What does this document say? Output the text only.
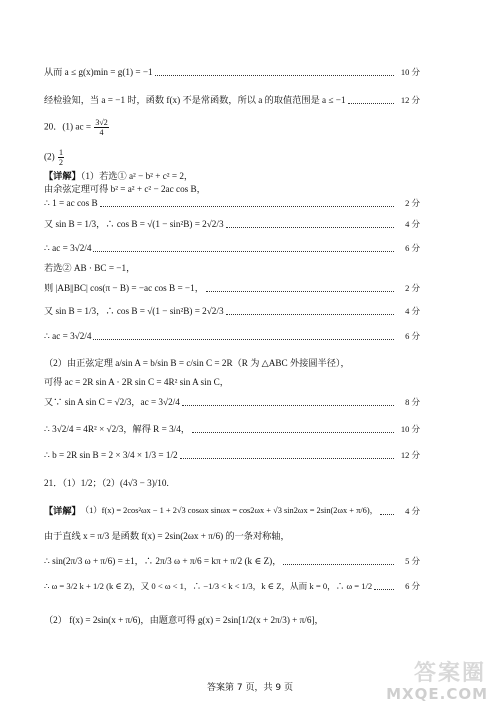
从而 a ≤ g(x)min = g(1) = −1	10 分
经检验知，当 a = −1 时，函数 f(x) 不是常函数，所以 a 的取值范围是 a ≤ −1	12 分
20．(1) ac = $\frac{3√2}{4}$
$(2) \frac{1}{2}$
【详解】（1）若选① a² − b² + c² = 2，
由余弦定理可得 b² = a² + c² − 2ac cos B，
∴ 1 = ac cos B	2 分
又 sin B = 1/3，∴ cos B = √(1 − sin²B) = 2√2/3	4 分
∴ ac = 3√2/4	6 分
若选② AB · BC = −1，
则 |AB||BC| cos(π − B) = −ac cos B = −1，	2 分
又 sin B = 1/3，∴ cos B = √(1 − sin²B) = 2√2/3	4 分
∴ ac = 3√2/4	6 分
（2）由正弦定理 a/sin A = b/sin B = c/sin C = 2R（R 为 △ABC 外接圆半径），
可得 ac = 2R sin A · 2R sin C = 4R² sin A sin C，
又∵ sin A sin C = √2/3，ac = 3√2/4	8 分
∴ 3√2/4 = 4R² × √2/3，解得 R = 3/4，	10 分
∴ b = 2R sin B = 2 × 3/4 × 1/3 = 1/2	12 分
21．（1）1/2；（2）(4√3 − 3)/10.
【详解】 （1）f(x) = 2cos²ωx − 1 + 2√3 cosωx sinωx = cos2ωx + √3 sin2ωx = 2sin(2ωx + π/6)，	4 分
由于直线 x = π/3 是函数 f(x) = 2sin(2ωx + π/6) 的一条对称轴，
∴ sin(2π/3 ω + π/6) = ±1，∴ 2π/3 ω + π/6 = kπ + π/2 (k ∈ Z)，	5 分
∴ ω = 3/2 k + 1/2 (k ∈ Z)，又 0 < ω < 1，∴ −1/3 < k < 1/3，k ∈ Z，从而 k = 0，∴ ω = 1/2	6 分
（2） f(x) = 2sin(x + π/6)，由题意可得 g(x) = 2sin[1/2(x + 2π/3) + π/6]，
答案第 7 页，共 9 页
答案圈
MXQE.COM
